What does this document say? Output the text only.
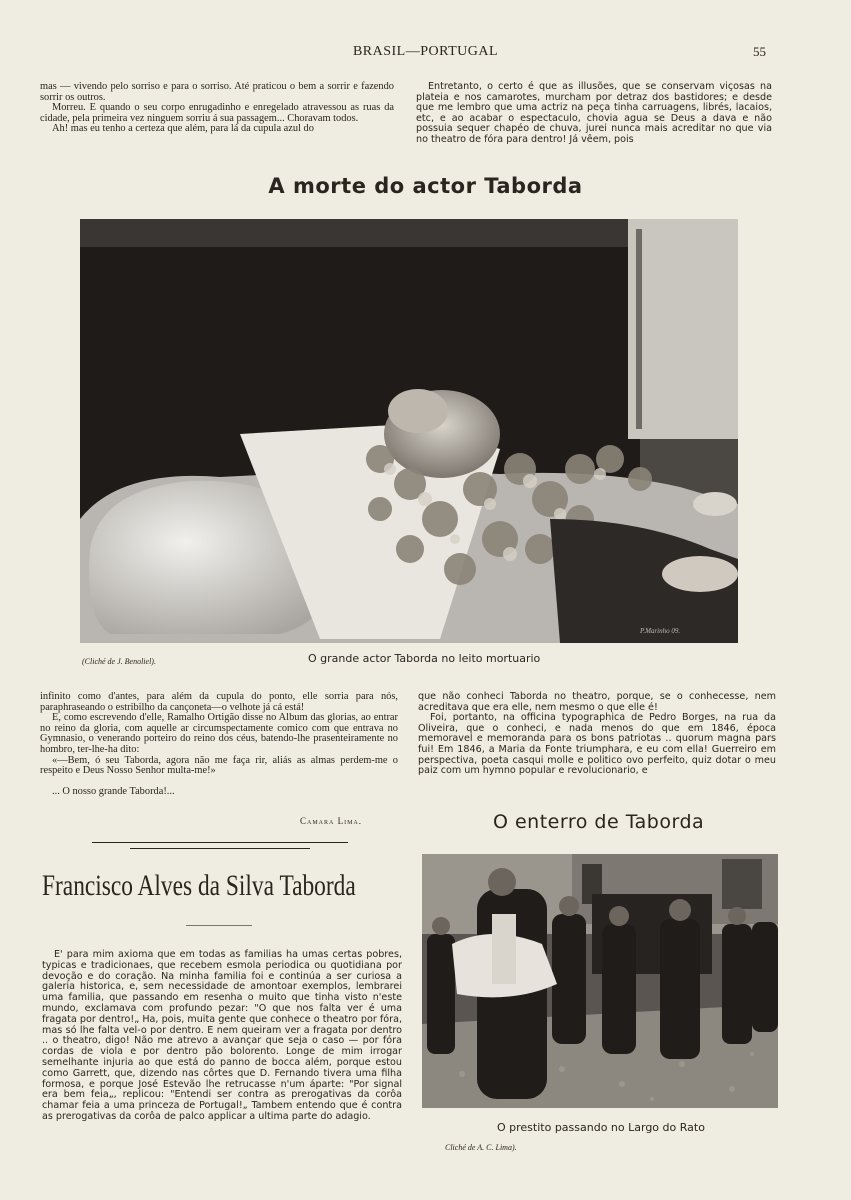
BRASIL—PORTUGAL	55

mas — vivendo pelo sorriso e para o sorriso. Até praticou o bem a sorrir e fazendo sorrir os outros.

Morreu. E quando o seu corpo enrugadinho e enregelado atravessou as ruas da cidade, pela primeira vez ninguem sorriu á sua passagem... Choravam todos.

Ah! mas eu tenho a certeza que além, para lá da cupula azul do

Entretanto, o certo é que as illusões, que se conservam viçosas na plateia e nos camarotes, murcham por detraz dos bastidores; e desde que me lembro que uma actriz na peça tinha carruagens, librés, lacaios, etc, e ao acabar o espectaculo, chovia agua se Deus a dava e não possuia sequer chapéo de chuva, jurei nunca mais acreditar no que via no theatro de fóra para dentro! Já vêem, pois

A morte do actor Taborda
P.Marinho 09.
(Cliché de J. Benoliel).	O grande actor Taborda no leito mortuario

infinito como d'antes, para além da cupula do ponto, elle sorria para nós, paraphraseando o estribilho da cançoneta—o velhote já cá está!

E, como escrevendo d'elle, Ramalho Ortigão disse no Album das glorias, ao entrar no reino da gloria, com aquelle ar circumspectamente comico com que entrava no Gymnasio, o venerando porteiro do reino dos céus, batendo-lhe prasenteiramente no hombro, ter-lhe-ha dito:

«—Bem, ó seu Taborda, agora não me faça rir, aliás as almas perdem-me o respeito e Deus Nosso Senhor multa-me!»

... O nosso grande Taborda!...

Camara Lima.

que não conheci Taborda no theatro, porque, se o conhecesse, nem acreditava que era elle, nem mesmo o que elle é!

Foi, portanto, na officina typographica de Pedro Borges, na rua da Oliveira, que o conheci, e nada menos do que em 1846, época memoravel e memoranda para os bons patriotas .. quorum magna pars fui! Em 1846, a Maria da Fonte triumphara, e eu com ella! Guerreiro em perspectiva, poeta casqui molle e politico ovo perfeito, quiz dotar o meu paiz com um hymno popular e revolucionario, e

O enterro de Taborda
Francisco Alves da Silva Taborda

E' para mim axioma que em todas as familias ha umas certas pobres, typicas e tradicionaes, que recebem esmola periodica ou quotidiana por devoção e do coração. Na minha familia foi e continúa a ser curiosa a galeria historica, e, sem necessidade de amontoar exemplos, lembrarei uma familia, que passando em resenha o muito que tinha visto n'este mundo, exclamava com profundo pezar: "O que nos falta ver é uma fragata por dentro!„ Ha, pois, muita gente que conhece o theatro por fóra, mas só lhe falta vel-o por dentro. E nem queiram ver a fragata por dentro .. o theatro, digo! Não me atrevo a avançar que seja o caso — por fóra cordas de viola e por dentro pão bolorento. Longe de mim irrogar semelhante injuria ao que está do panno de bocca além, porque estou como Garrett, que, dizendo nas côrtes que D. Fernando tivera uma filha formosa, e porque José Estevão lhe retrucasse n'um áparte: "Por signal era bem feia„, replicou: "Entendi ser contra as prerogativas da corôa chamar feia a uma princeza de Portugal!„ Tambem entendo que é contra as prerogativas da corôa de palco applicar a ultima parte do adagio.

O prestito passando no Largo do Rato
Cliché de A. C. Lima).
